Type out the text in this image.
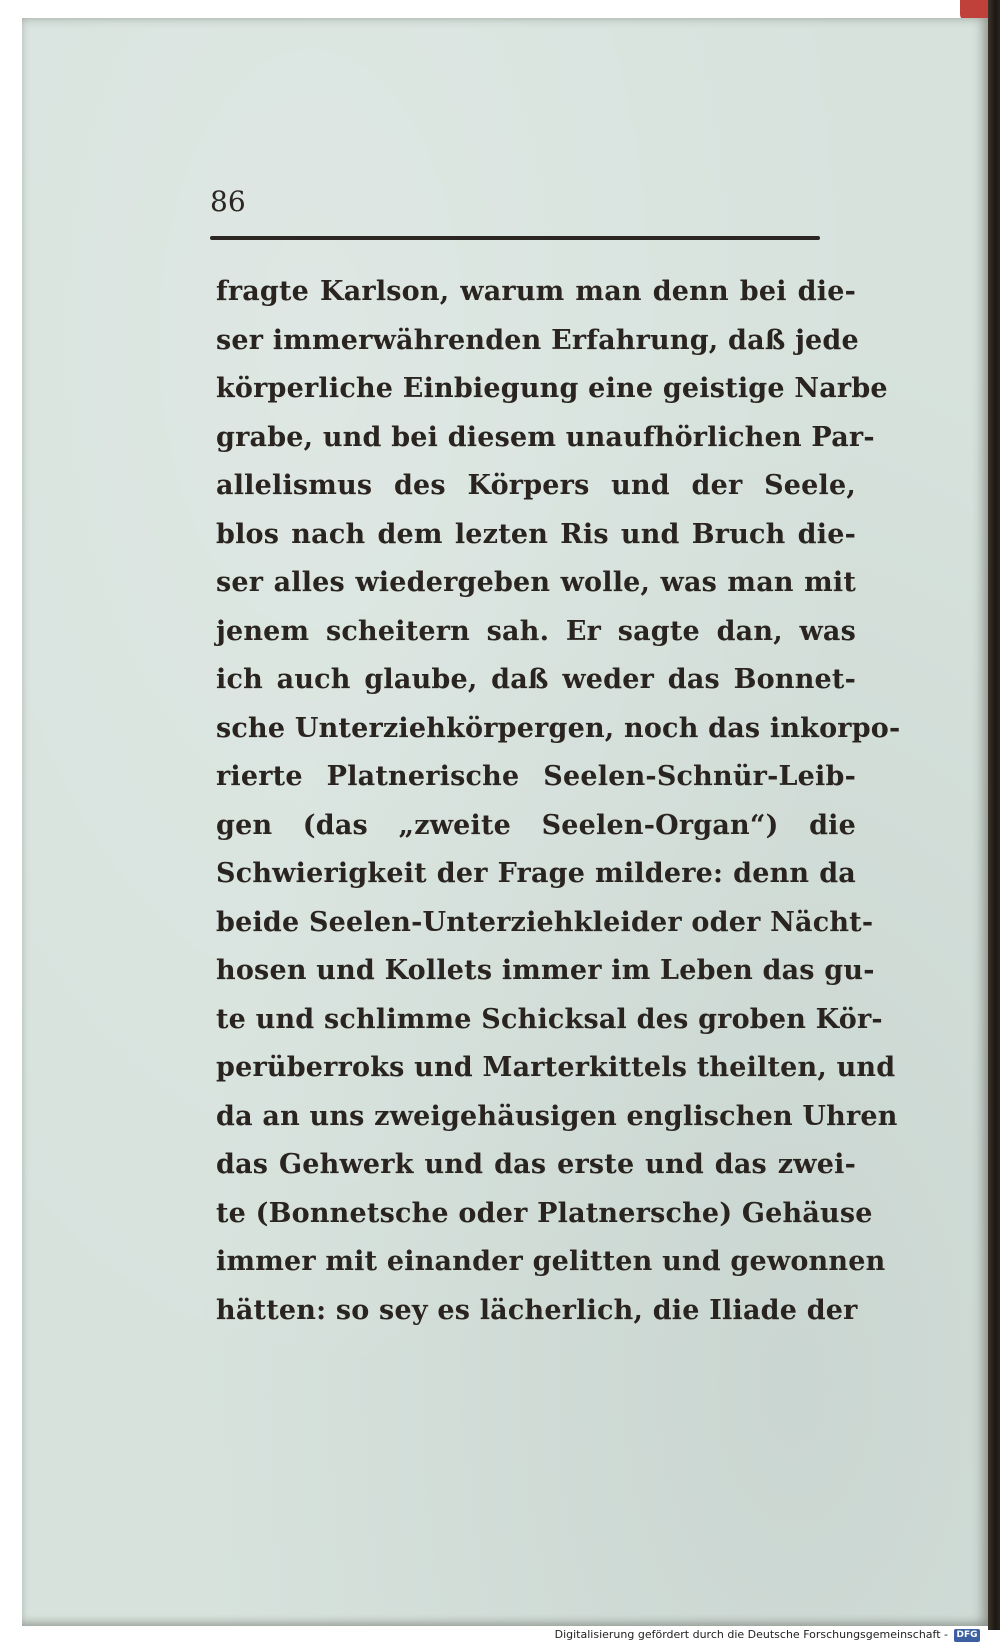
86
fragte Karlson, warum man denn bei die-
ser immerwährenden Erfahrung, daß jede
körperliche Einbiegung eine geistige Narbe
grabe, und bei diesem unaufhörlichen Par-
allelismus des Körpers und der Seele,
blos nach dem lezten Ris und Bruch die-
ser alles wiedergeben wolle, was man mit
jenem scheitern sah. Er sagte dan, was
ich auch glaube, daß weder das Bonnet-
sche Unterziehkörpergen, noch das inkorpo-
rierte Platnerische Seelen-Schnür-Leib-
gen (das „zweite Seelen-Organ“) die
Schwierigkeit der Frage mildere: denn da
beide Seelen-Unterziehkleider oder Nächt-
hosen und Kollets immer im Leben das gu-
te und schlimme Schicksal des groben Kör-
perüberroks und Marterkittels theilten, und
da an uns zweigehäusigen englischen Uhren
das Gehwerk und das erste und das zwei-
te (Bonnetsche oder Platnersche) Gehäuse
immer mit einander gelitten und gewonnen
hätten: so sey es lächerlich, die Iliade der
Digitalisierung gefördert durch die Deutsche Forschungsgemeinschaft - DFG
